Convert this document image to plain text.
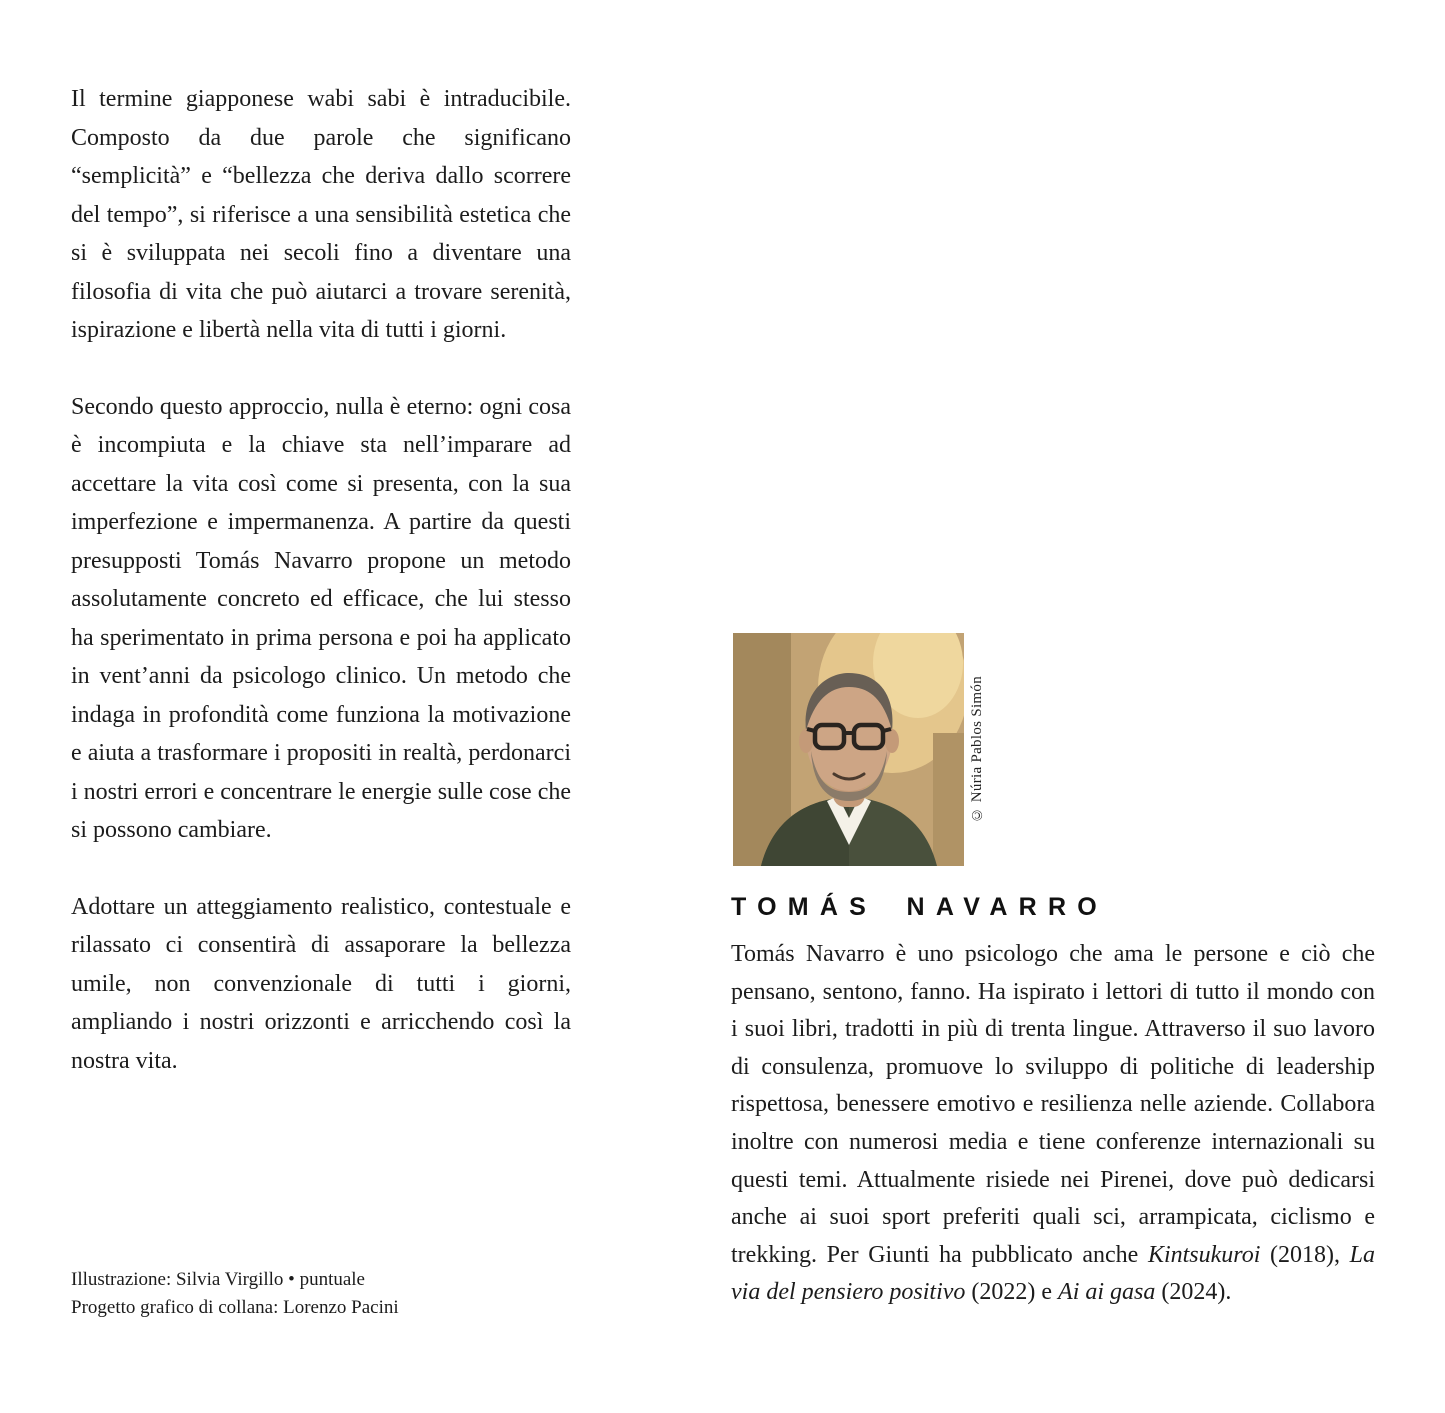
Il termine giapponese wabi sabi è intraducibile. Composto da due parole che significano “semplicità” e “bellezza che deriva dallo scorrere del tempo”, si riferisce a una sensibilità estetica che si è sviluppata nei secoli fino a diventare una filosofia di vita che può aiutarci a trovare serenità, ispirazione e libertà nella vita di tutti i giorni.

Secondo questo approccio, nulla è eterno: ogni cosa è incompiuta e la chiave sta nell’imparare ad accettare la vita così come si presenta, con la sua imperfezione e impermanenza. A partire da questi presupposti Tomás Navarro propone un metodo assolutamente concreto ed efficace, che lui stesso ha sperimentato in prima persona e poi ha applicato in vent’anni da psicologo clinico. Un metodo che indaga in profondità come funziona la motivazione e aiuta a trasformare i propositi in realtà, perdonarci i nostri errori e concentrare le energie sulle cose che si possono cambiare.

Adottare un atteggiamento realistico, contestuale e rilassato ci consentirà di assaporare la bellezza umile, non convenzionale di tutti i giorni, ampliando i nostri orizzonti e arricchendo così la nostra vita.

Illustrazione: Silvia Virgillo • puntuale
Progetto grafico di collana: Lorenzo Pacini
© Núria Pablos Simón
TOMÁS NAVARRO

Tomás Navarro è uno psicologo che ama le persone e ciò che pensano, sentono, fanno. Ha ispirato i lettori di tutto il mondo con i suoi libri, tradotti in più di trenta lingue. Attraverso il suo lavoro di consulenza, promuove lo sviluppo di politiche di leadership rispettosa, benessere emotivo e resilienza nelle aziende. Collabora inoltre con numerosi media e tiene conferenze internazionali su questi temi. Attualmente risiede nei Pirenei, dove può dedicarsi anche ai suoi sport preferiti quali sci, arrampicata, ciclismo e trekking. Per Giunti ha pubblicato anche Kintsukuroi (2018), La via del pensiero positivo (2022) e Ai ai gasa (2024).
